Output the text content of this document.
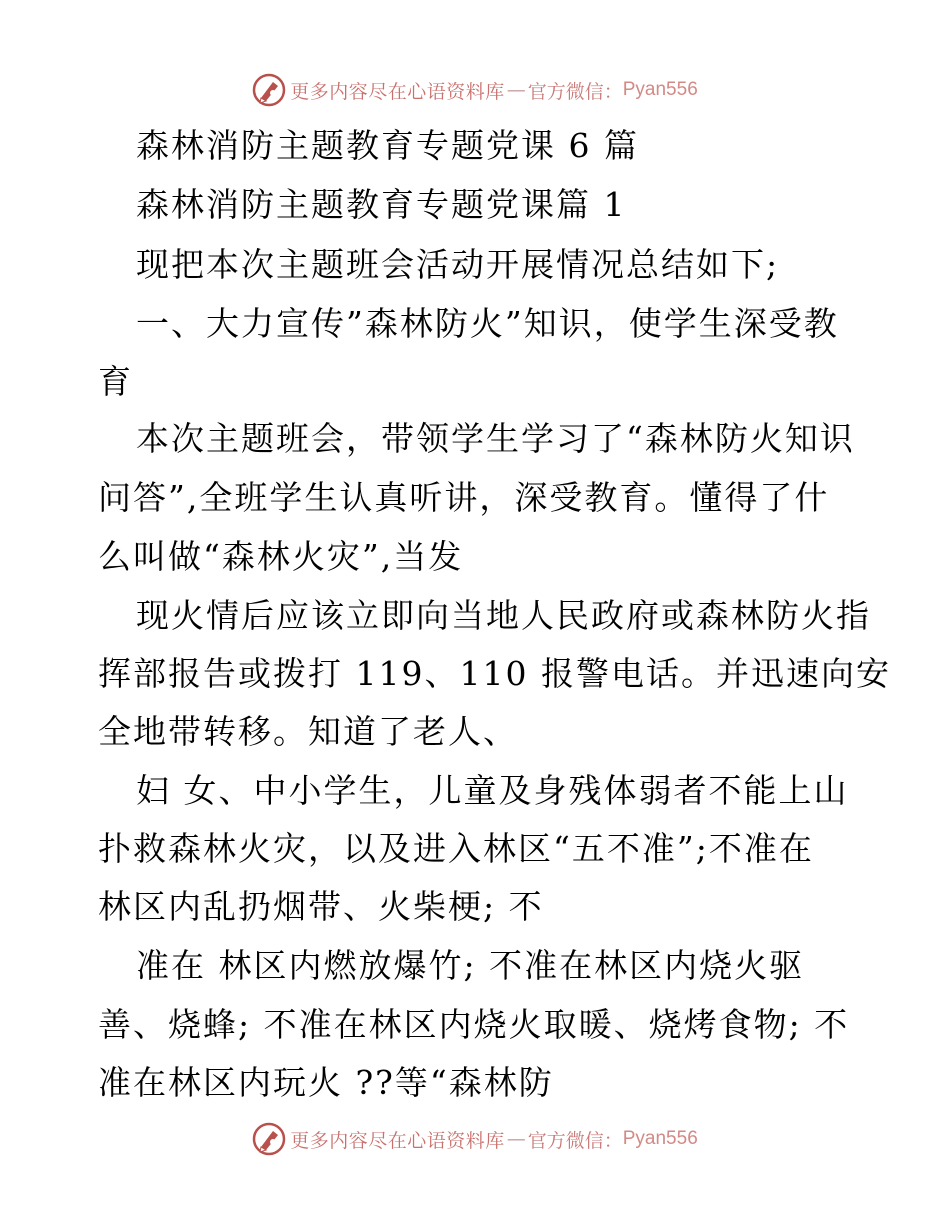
更多内容尽在心语资料库 — 官方微信： Pyan556
森林消防主题教育专题党课 6 篇
森林消防主题教育专题党课篇 1
现把本次主题班会活动开展情况总结如下;
一、大力宣传”森林防火”知识，使学生深受教
育
本次主题班会，带领学生学习了“森林防火知识
问答”,全班学生认真听讲，深受教育。懂得了什
么叫做“森林火灾”,当发
现火情后应该立即向当地人民政府或森林防火指
挥部报告或拨打 119、110 报警电话。并迅速向安
全地带转移。知道了老人、
妇 女、中小学生，儿童及身残体弱者不能上山
扑救森林火灾，以及进入林区“五不准”;不准在
林区内乱扔烟带、火柴梗; 不
准在 林区内燃放爆竹; 不准在林区内烧火驱
善、烧蜂; 不准在林区内烧火取暖、烧烤食物; 不
准在林区内玩火 ??等“森林防
更多内容尽在心语资料库 — 官方微信： Pyan556
